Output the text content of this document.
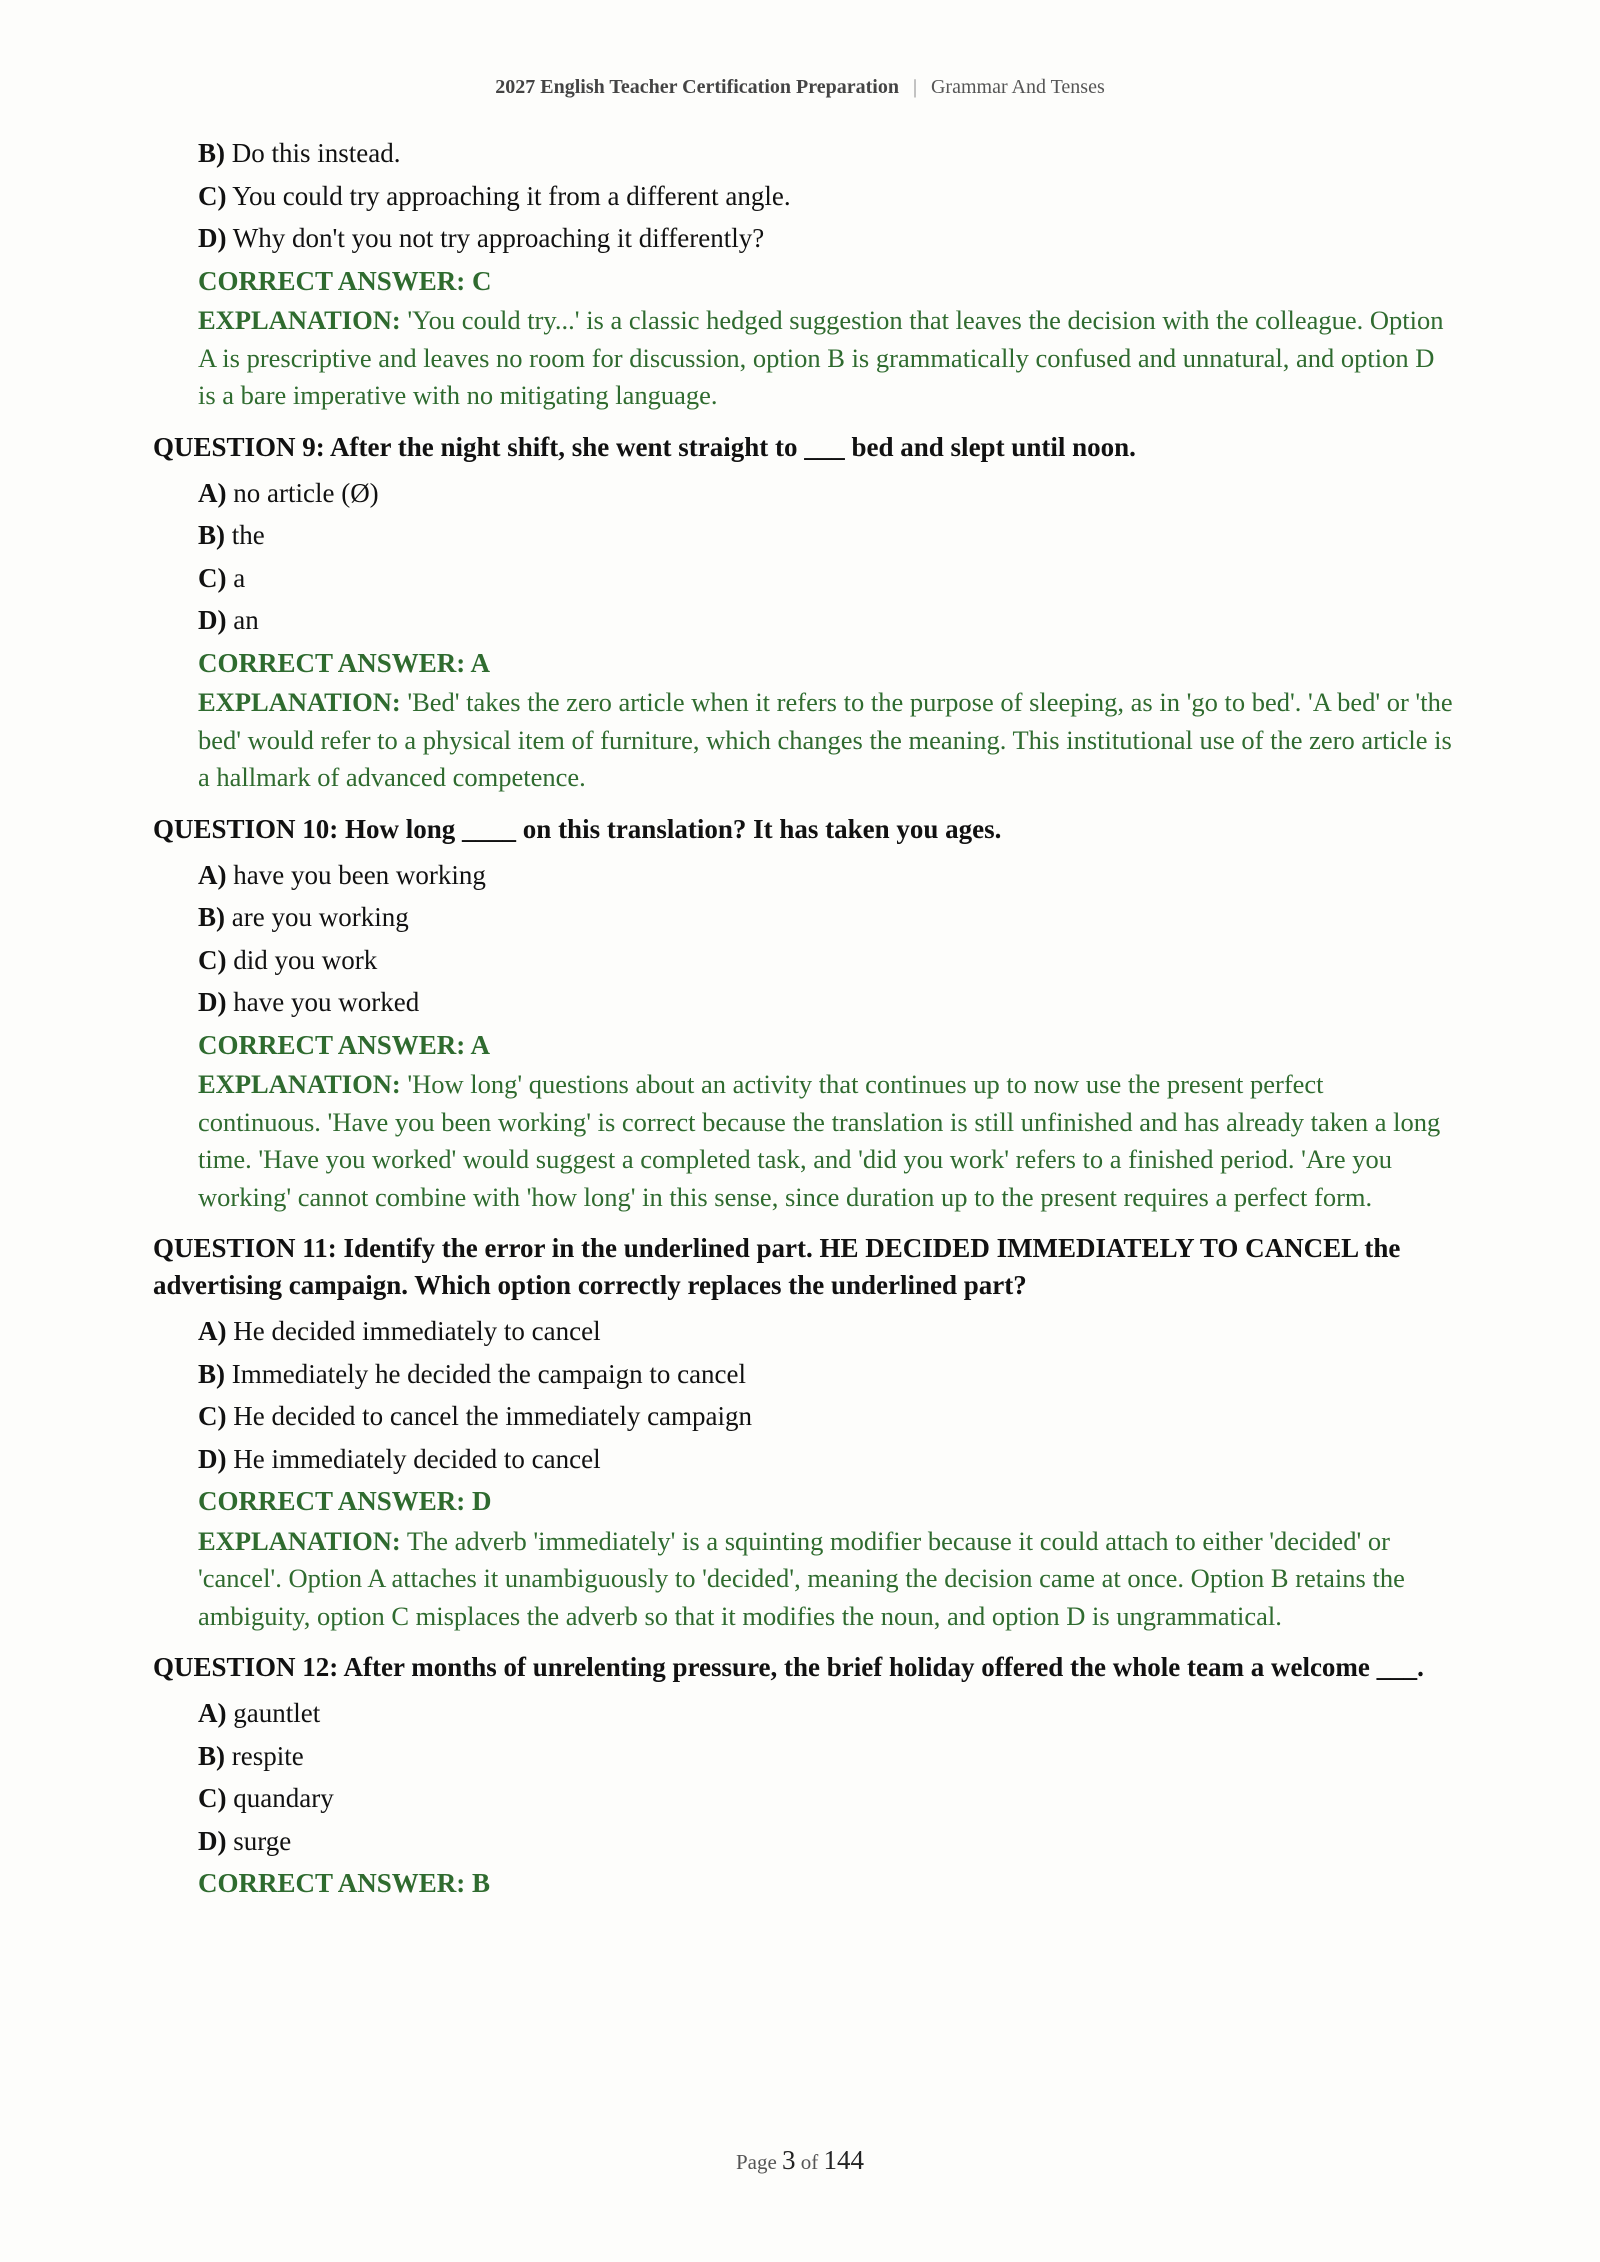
2027 English Teacher Certification Preparation | Grammar And Tenses
B) Do this instead.
C) You could try approaching it from a different angle.
D) Why don't you not try approaching it differently?
CORRECT ANSWER: C
EXPLANATION: 'You could try...' is a classic hedged suggestion that leaves the decision with the colleague. Option A is prescriptive and leaves no room for discussion, option B is grammatically confused and unnatural, and option D is a bare imperative with no mitigating language.
QUESTION 9: After the night shift, she went straight to ___ bed and slept until noon.
A) no article (Ø)
B) the
C) a
D) an
CORRECT ANSWER: A
EXPLANATION: 'Bed' takes the zero article when it refers to the purpose of sleeping, as in 'go to bed'. 'A bed' or 'the bed' would refer to a physical item of furniture, which changes the meaning. This institutional use of the zero article is a hallmark of advanced competence.
QUESTION 10: How long ____ on this translation? It has taken you ages.
A) have you been working
B) are you working
C) did you work
D) have you worked
CORRECT ANSWER: A
EXPLANATION: 'How long' questions about an activity that continues up to now use the present perfect continuous. 'Have you been working' is correct because the translation is still unfinished and has already taken a long time. 'Have you worked' would suggest a completed task, and 'did you work' refers to a finished period. 'Are you working' cannot combine with 'how long' in this sense, since duration up to the present requires a perfect form.
QUESTION 11: Identify the error in the underlined part. HE DECIDED IMMEDIATELY TO CANCEL the advertising campaign. Which option correctly replaces the underlined part?
A) He decided immediately to cancel
B) Immediately he decided the campaign to cancel
C) He decided to cancel the immediately campaign
D) He immediately decided to cancel
CORRECT ANSWER: D
EXPLANATION: The adverb 'immediately' is a squinting modifier because it could attach to either 'decided' or 'cancel'. Option A attaches it unambiguously to 'decided', meaning the decision came at once. Option B retains the ambiguity, option C misplaces the adverb so that it modifies the noun, and option D is ungrammatical.
QUESTION 12: After months of unrelenting pressure, the brief holiday offered the whole team a welcome ___.
A) gauntlet
B) respite
C) quandary
D) surge
CORRECT ANSWER: B
Page 3 of 144
